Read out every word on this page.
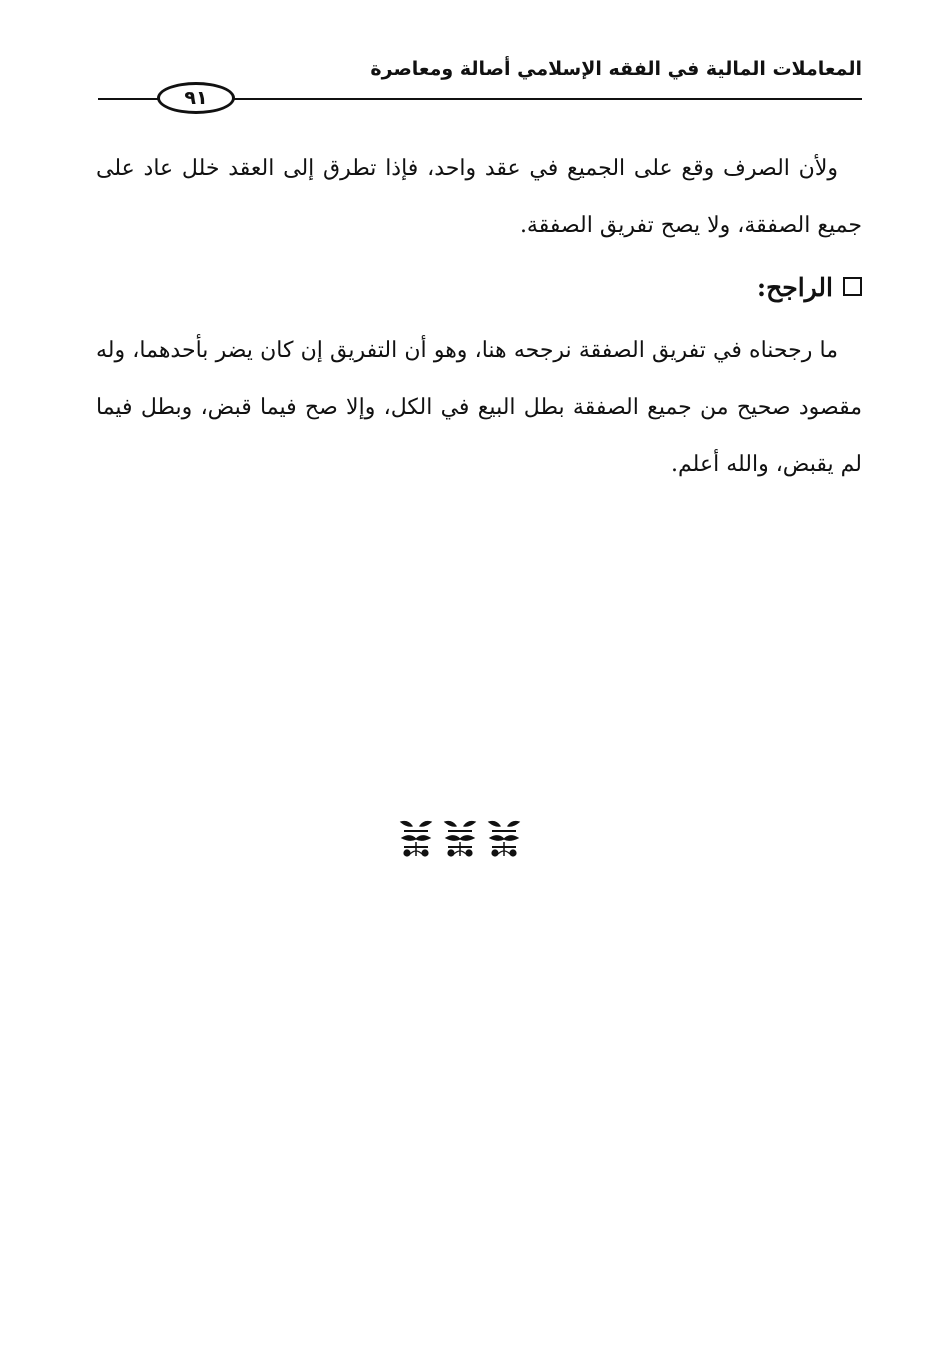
المعاملات المالية في الفقه الإسلامي أصالة ومعاصرة
٩١
ولأن الصرف وقع على الجميع في عقد واحد، فإذا تطرق إلى العقد خلل عاد على جميع الصفقة، ولا يصح تفريق الصفقة.
الراجح:
ما رجحناه في تفريق الصفقة نرجحه هنا، وهو أن التفريق إن كان يضر بأحدهما، وله مقصود صحيح من جميع الصفقة بطل البيع في الكل، وإلا صح فيما قبض، وبطل فيما لم يقبض، والله أعلم.
